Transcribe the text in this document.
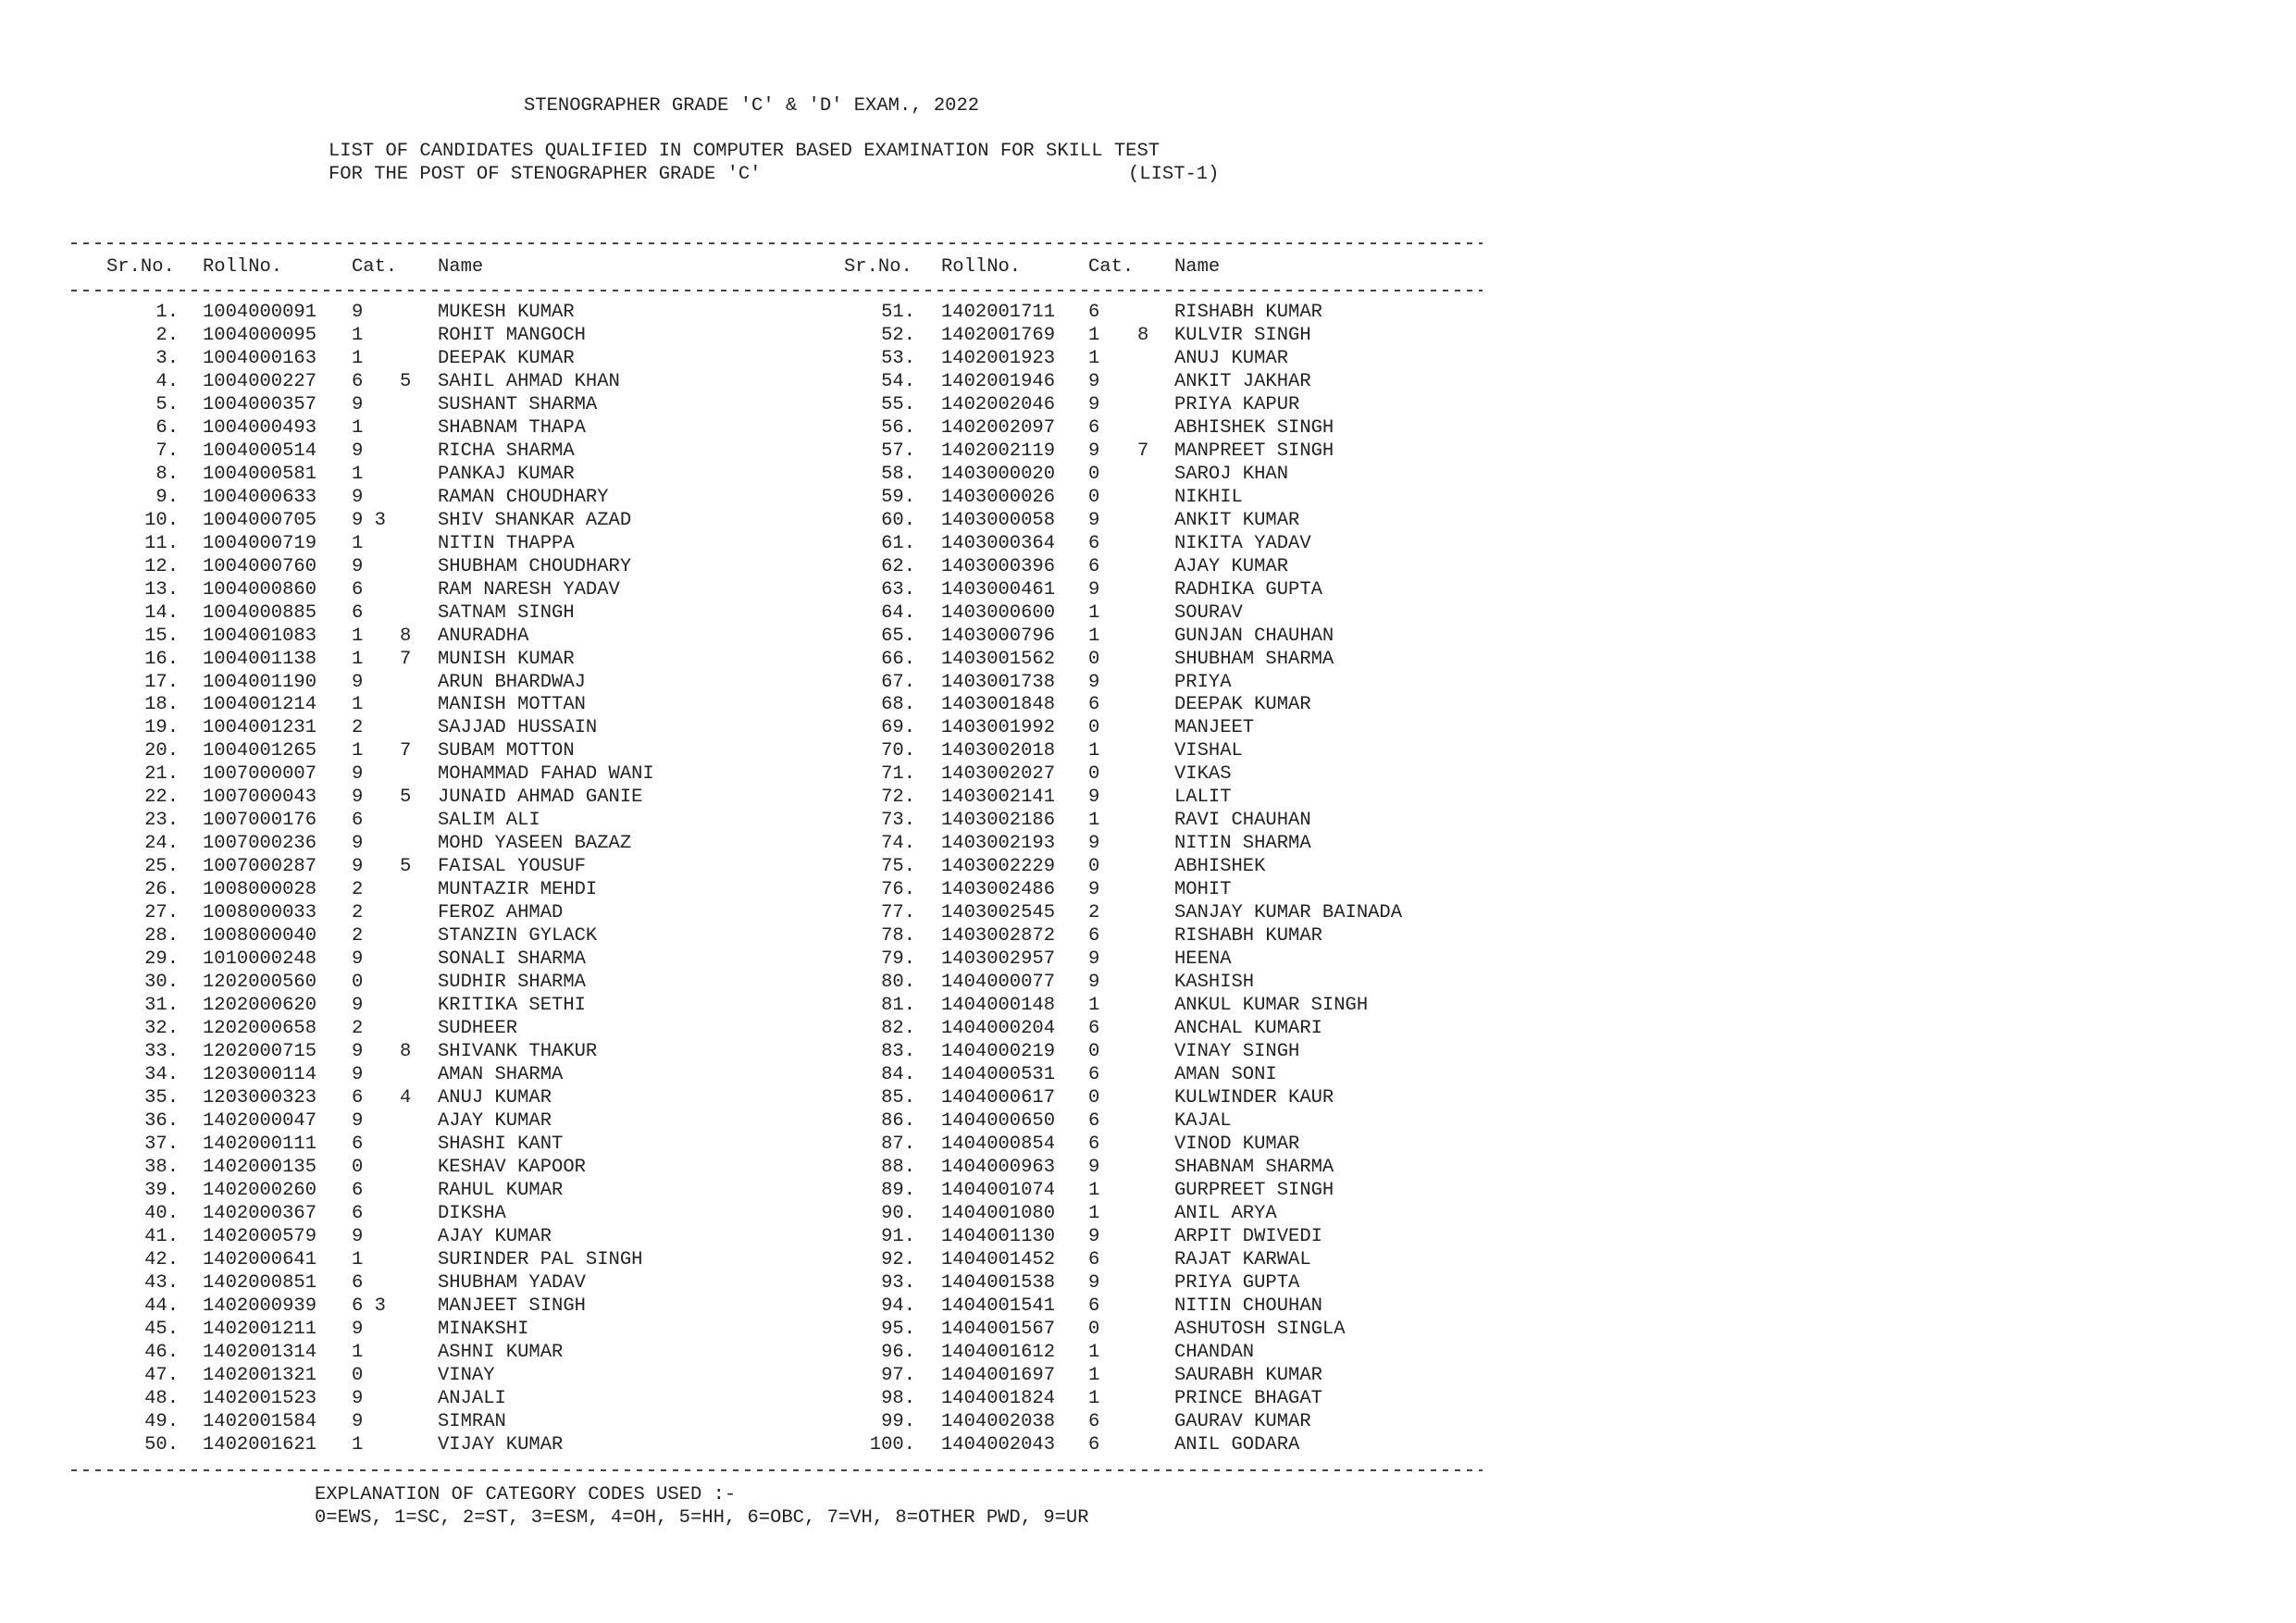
STENOGRAPHER GRADE 'C' & 'D' EXAM., 2022
LIST OF CANDIDATES QUALIFIED IN COMPUTER BASED EXAMINATION FOR SKILL TEST
FOR THE POST OF STENOGRAPHER GRADE 'C'	(LIST-1)
Sr.No. RollNo.	Cat. Name	Sr.No. RollNo.	Cat. Name
1. 1004000091 9	MUKESH KUMAR
2. 1004000095 1	ROHIT MANGOCH
3. 1004000163 1	DEEPAK KUMAR
4. 1004000227 6 5 SAHIL AHMAD KHAN
5. 1004000357 9	SUSHANT SHARMA
6. 1004000493 1	SHABNAM THAPA
7. 1004000514 9	RICHA SHARMA
8. 1004000581 1	PANKAJ KUMAR
9. 1004000633 9	RAMAN CHOUDHARY
10. 1004000705 9 3	SHIV SHANKAR AZAD
11. 1004000719 1	NITIN THAPPA
12. 1004000760 9	SHUBHAM CHOUDHARY
13. 1004000860 6	RAM NARESH YADAV
14. 1004000885 6	SATNAM SINGH
15. 1004001083 1 8 ANURADHA
16. 1004001138 1 7 MUNISH KUMAR
17. 1004001190 9	ARUN BHARDWAJ
18. 1004001214 1	MANISH MOTTAN
19. 1004001231 2	SAJJAD HUSSAIN
20. 1004001265 1 7 SUBAM MOTTON
21. 1007000007 9	MOHAMMAD FAHAD WANI
22. 1007000043 9 5 JUNAID AHMAD GANIE
23. 1007000176 6	SALIM ALI
24. 1007000236 9	MOHD YASEEN BAZAZ
25. 1007000287 9 5 FAISAL YOUSUF
26. 1008000028 2	MUNTAZIR MEHDI
27. 1008000033 2	FEROZ AHMAD
28. 1008000040 2	STANZIN GYLACK
29. 1010000248 9	SONALI SHARMA
30. 1202000560 0	SUDHIR SHARMA
31. 1202000620 9	KRITIKA SETHI
32. 1202000658 2	SUDHEER
33. 1202000715 9 8 SHIVANK THAKUR
34. 1203000114 9	AMAN SHARMA
35. 1203000323 6 4 ANUJ KUMAR
36. 1402000047 9	AJAY KUMAR
37. 1402000111 6	SHASHI KANT
38. 1402000135 0	KESHAV KAPOOR
39. 1402000260 6	RAHUL KUMAR
40. 1402000367 6	DIKSHA
41. 1402000579 9	AJAY KUMAR
42. 1402000641 1	SURINDER PAL SINGH
43. 1402000851 6	SHUBHAM YADAV
44. 1402000939 6 3	MANJEET SINGH
45. 1402001211 9	MINAKSHI
46. 1402001314 1	ASHNI KUMAR
47. 1402001321 0	VINAY
48. 1402001523 9	ANJALI
49. 1402001584 9	SIMRAN
50. 1402001621 1	VIJAY KUMAR
51. 1402001711 6	RISHABH KUMAR
52. 1402001769 1 8 KULVIR SINGH
53. 1402001923 1	ANUJ KUMAR
54. 1402001946 9	ANKIT JAKHAR
55. 1402002046 9	PRIYA KAPUR
56. 1402002097 6	ABHISHEK SINGH
57. 1402002119 9 7 MANPREET SINGH
58. 1403000020 0	SAROJ KHAN
59. 1403000026 0	NIKHIL
60. 1403000058 9	ANKIT KUMAR
61. 1403000364 6	NIKITA YADAV
62. 1403000396 6	AJAY KUMAR
63. 1403000461 9	RADHIKA GUPTA
64. 1403000600 1	SOURAV
65. 1403000796 1	GUNJAN CHAUHAN
66. 1403001562 0	SHUBHAM SHARMA
67. 1403001738 9	PRIYA
68. 1403001848 6	DEEPAK KUMAR
69. 1403001992 0	MANJEET
70. 1403002018 1	VISHAL
71. 1403002027 0	VIKAS
72. 1403002141 9	LALIT
73. 1403002186 1	RAVI CHAUHAN
74. 1403002193 9	NITIN SHARMA
75. 1403002229 0	ABHISHEK
76. 1403002486 9	MOHIT
77. 1403002545 2	SANJAY KUMAR BAINADA
78. 1403002872 6	RISHABH KUMAR
79. 1403002957 9	HEENA
80. 1404000077 9	KASHISH
81. 1404000148 1	ANKUL KUMAR SINGH
82. 1404000204 6	ANCHAL KUMARI
83. 1404000219 0	VINAY SINGH
84. 1404000531 6	AMAN SONI
85. 1404000617 0	KULWINDER KAUR
86. 1404000650 6	KAJAL
87. 1404000854 6	VINOD KUMAR
88. 1404000963 9	SHABNAM SHARMA
89. 1404001074 1	GURPREET SINGH
90. 1404001080 1	ANIL ARYA
91. 1404001130 9	ARPIT DWIVEDI
92. 1404001452 6	RAJAT KARWAL
93. 1404001538 9	PRIYA GUPTA
94. 1404001541 6	NITIN CHOUHAN
95. 1404001567 0	ASHUTOSH SINGLA
96. 1404001612 1	CHANDAN
97. 1404001697 1	SAURABH KUMAR
98. 1404001824 1	PRINCE BHAGAT
99. 1404002038 6	GAURAV KUMAR
100. 1404002043 6	ANIL GODARA
EXPLANATION OF CATEGORY CODES USED :-
0=EWS, 1=SC, 2=ST, 3=ESM, 4=OH, 5=HH, 6=OBC, 7=VH, 8=OTHER PWD, 9=UR
